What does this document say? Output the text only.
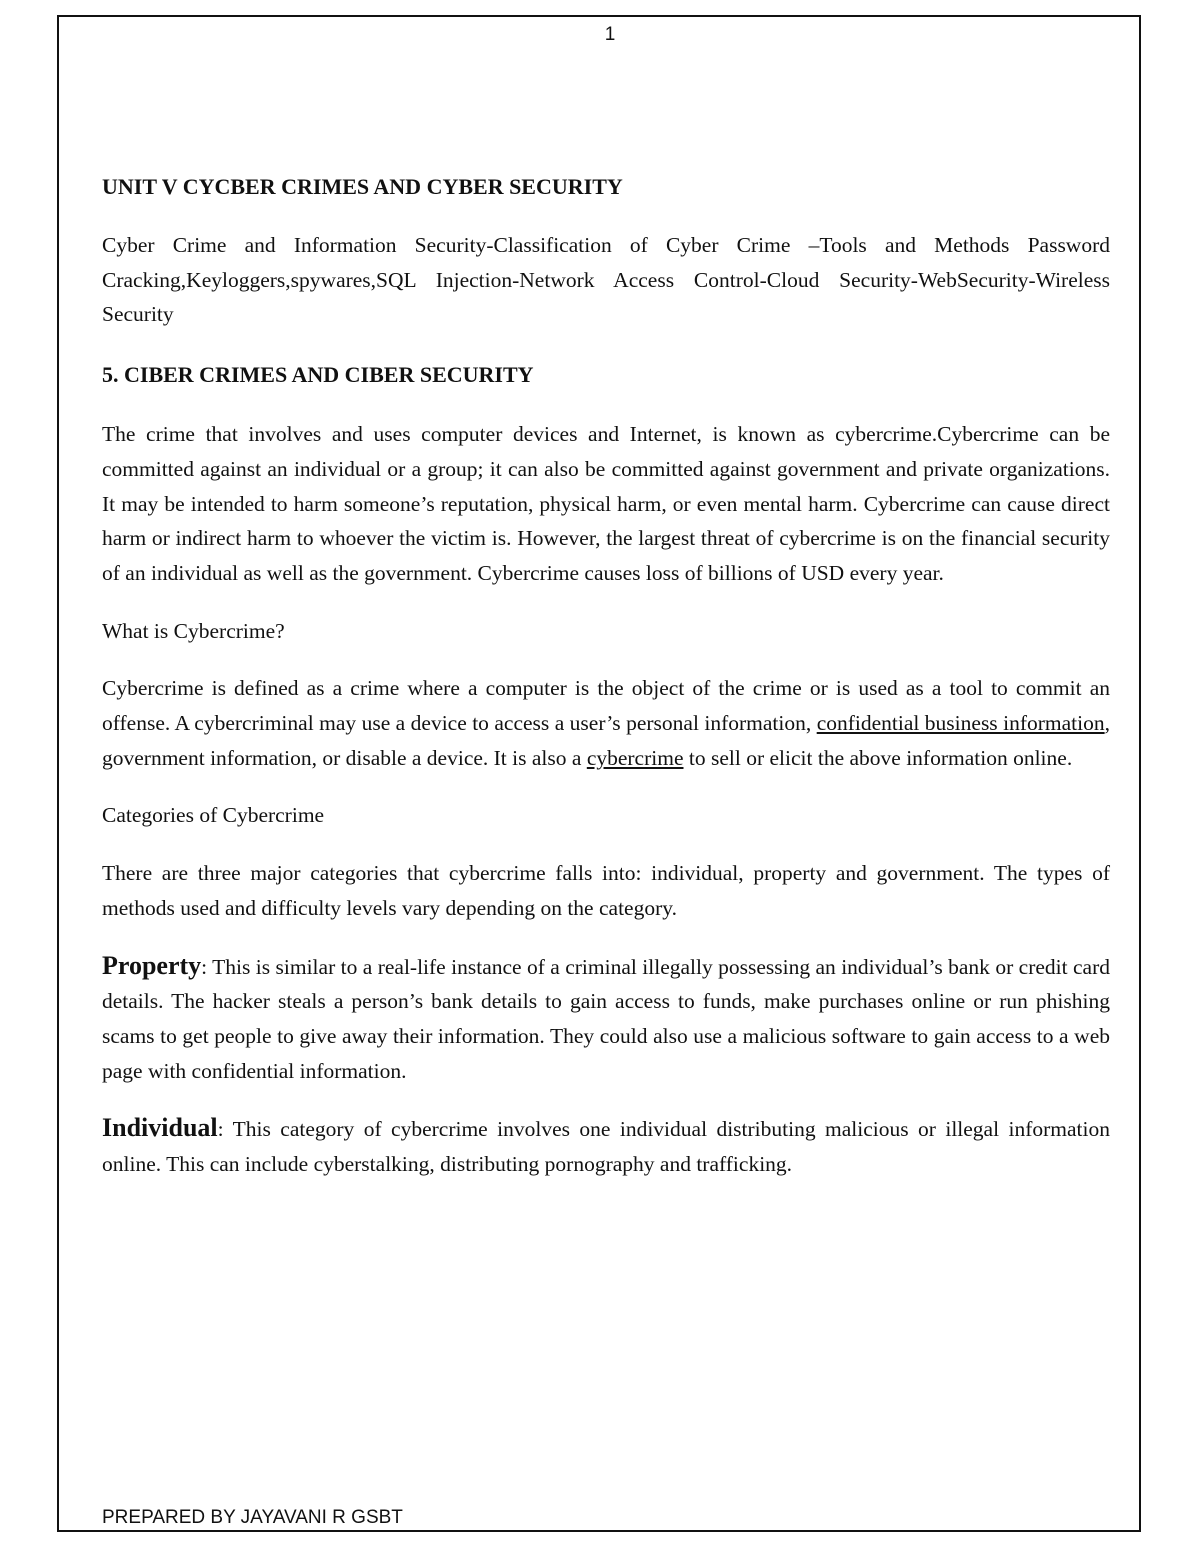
1
UNIT V CYCBER CRIMES AND CYBER SECURITY

Cyber Crime and Information Security-Classification of Cyber Crime –Tools and Methods Password Cracking,Keyloggers,spywares,SQL Injection-Network Access Control-Cloud Security-WebSecurity-Wireless Security

5. CIBER CRIMES AND CIBER SECURITY

The crime that involves and uses computer devices and Internet, is known as cybercrime.Cybercrime can be committed against an individual or a group; it can also be committed against government and private organizations. It may be intended to harm someone’s reputation, physical harm, or even mental harm. Cybercrime can cause direct harm or indirect harm to whoever the victim is. However, the largest threat of cybercrime is on the financial security of an individual as well as the government. Cybercrime causes loss of billions of USD every year.

What is Cybercrime?

Cybercrime is defined as a crime where a computer is the object of the crime or is used as a tool to commit an offense. A cybercriminal may use a device to access a user’s personal information, confidential business information, government information, or disable a device. It is also a cybercrime to sell or elicit the above information online.

Categories of Cybercrime

There are three major categories that cybercrime falls into: individual, property and government. The types of methods used and difficulty levels vary depending on the category.

Property: This is similar to a real-life instance of a criminal illegally possessing an individual’s bank or credit card details. The hacker steals a person’s bank details to gain access to funds, make purchases online or run phishing scams to get people to give away their information. They could also use a malicious software to gain access to a web page with confidential information.

Individual: This category of cybercrime involves one individual distributing malicious or illegal information online. This can include cyberstalking, distributing pornography and trafficking.

PREPARED BY JAYAVANI R GSBT
